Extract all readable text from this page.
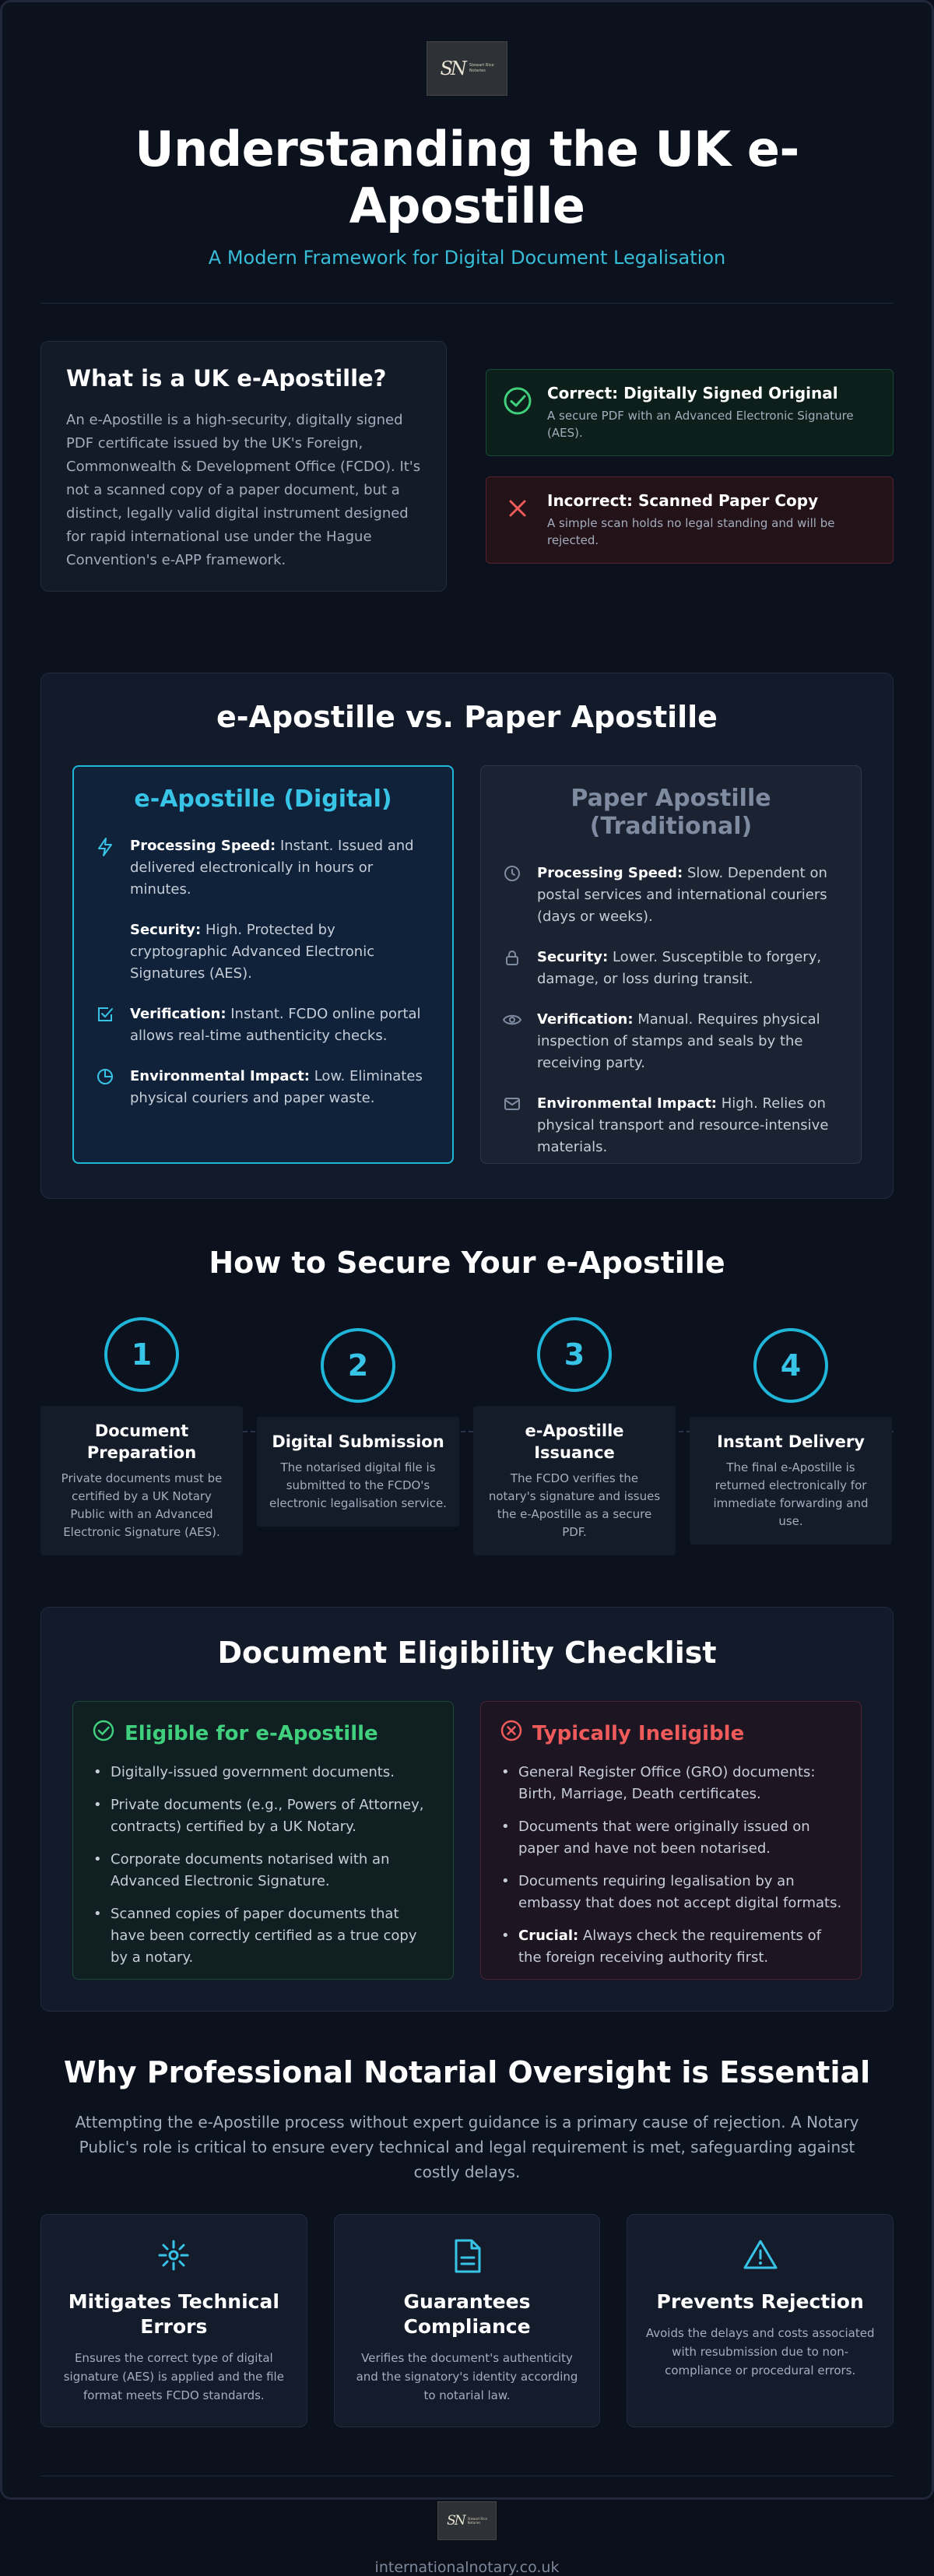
SN Stewart Rice
Notaries
Understanding the UK e-Apostille
A Modern Framework for Digital Document Legalisation
What is a UK e-Apostille?

An e-Apostille is a high-security, digitally signed PDF certificate issued by the UK's Foreign, Commonwealth & Development Office (FCDO). It's not a scanned copy of a paper document, but a distinct, legally valid digital instrument designed for rapid international use under the Hague Convention's e-APP framework.

Correct: Digitally Signed Original

A secure PDF with an Advanced Electronic Signature (AES).

Incorrect: Scanned Paper Copy

A simple scan holds no legal standing and will be rejected.

e-Apostille vs. Paper Apostille
e-Apostille (Digital)

Processing Speed: Instant. Issued and delivered electronically in hours or minutes.

Security: High. Protected by cryptographic Advanced Electronic Signatures (AES).

Verification: Instant. FCDO online portal allows real-time authenticity checks.

Environmental Impact: Low. Eliminates physical couriers and paper waste.

Paper Apostille (Traditional)

Processing Speed: Slow. Dependent on postal services and international couriers (days or weeks).

Security: Lower. Susceptible to forgery, damage, or loss during transit.

Verification: Manual. Requires physical inspection of stamps and seals by the receiving party.

Environmental Impact: High. Relies on physical transport and resource-intensive materials.

How to Secure Your e-Apostille
1
Document Preparation

Private documents must be certified by a UK Notary Public with an Advanced Electronic Signature (AES).

2
Digital Submission

The notarised digital file is submitted to the FCDO's electronic legalisation service.

3
e-Apostille Issuance

The FCDO verifies the notary's signature and issues the e-Apostille as a secure PDF.

4
Instant Delivery

The final e-Apostille is returned electronically for immediate forwarding and use.

Document Eligibility Checklist
Eligible for e-Apostille
• Digitally-issued government documents.
• Private documents (e.g., Powers of Attorney, contracts) certified by a UK Notary.
• Corporate documents notarised with an Advanced Electronic Signature.
• Scanned copies of paper documents that have been correctly certified as a true copy by a notary.
Typically Ineligible
• General Register Office (GRO) documents: Birth, Marriage, Death certificates.
• Documents that were originally issued on paper and have not been notarised.
• Documents requiring legalisation by an embassy that does not accept digital formats.
• Crucial: Always check the requirements of the foreign receiving authority first.
Why Professional Notarial Oversight is Essential

Attempting the e-Apostille process without expert guidance is a primary cause of rejection. A Notary Public's role is critical to ensure every technical and legal requirement is met, safeguarding against costly delays.

Mitigates Technical Errors

Ensures the correct type of digital signature (AES) is applied and the file format meets FCDO standards.

Guarantees Compliance

Verifies the document's authenticity and the signatory's identity according to notarial law.

Prevents Rejection

Avoids the delays and costs associated with resubmission due to non-compliance or procedural errors.

SN Stewart Rice
Notaries
internationalnotary.co.uk
